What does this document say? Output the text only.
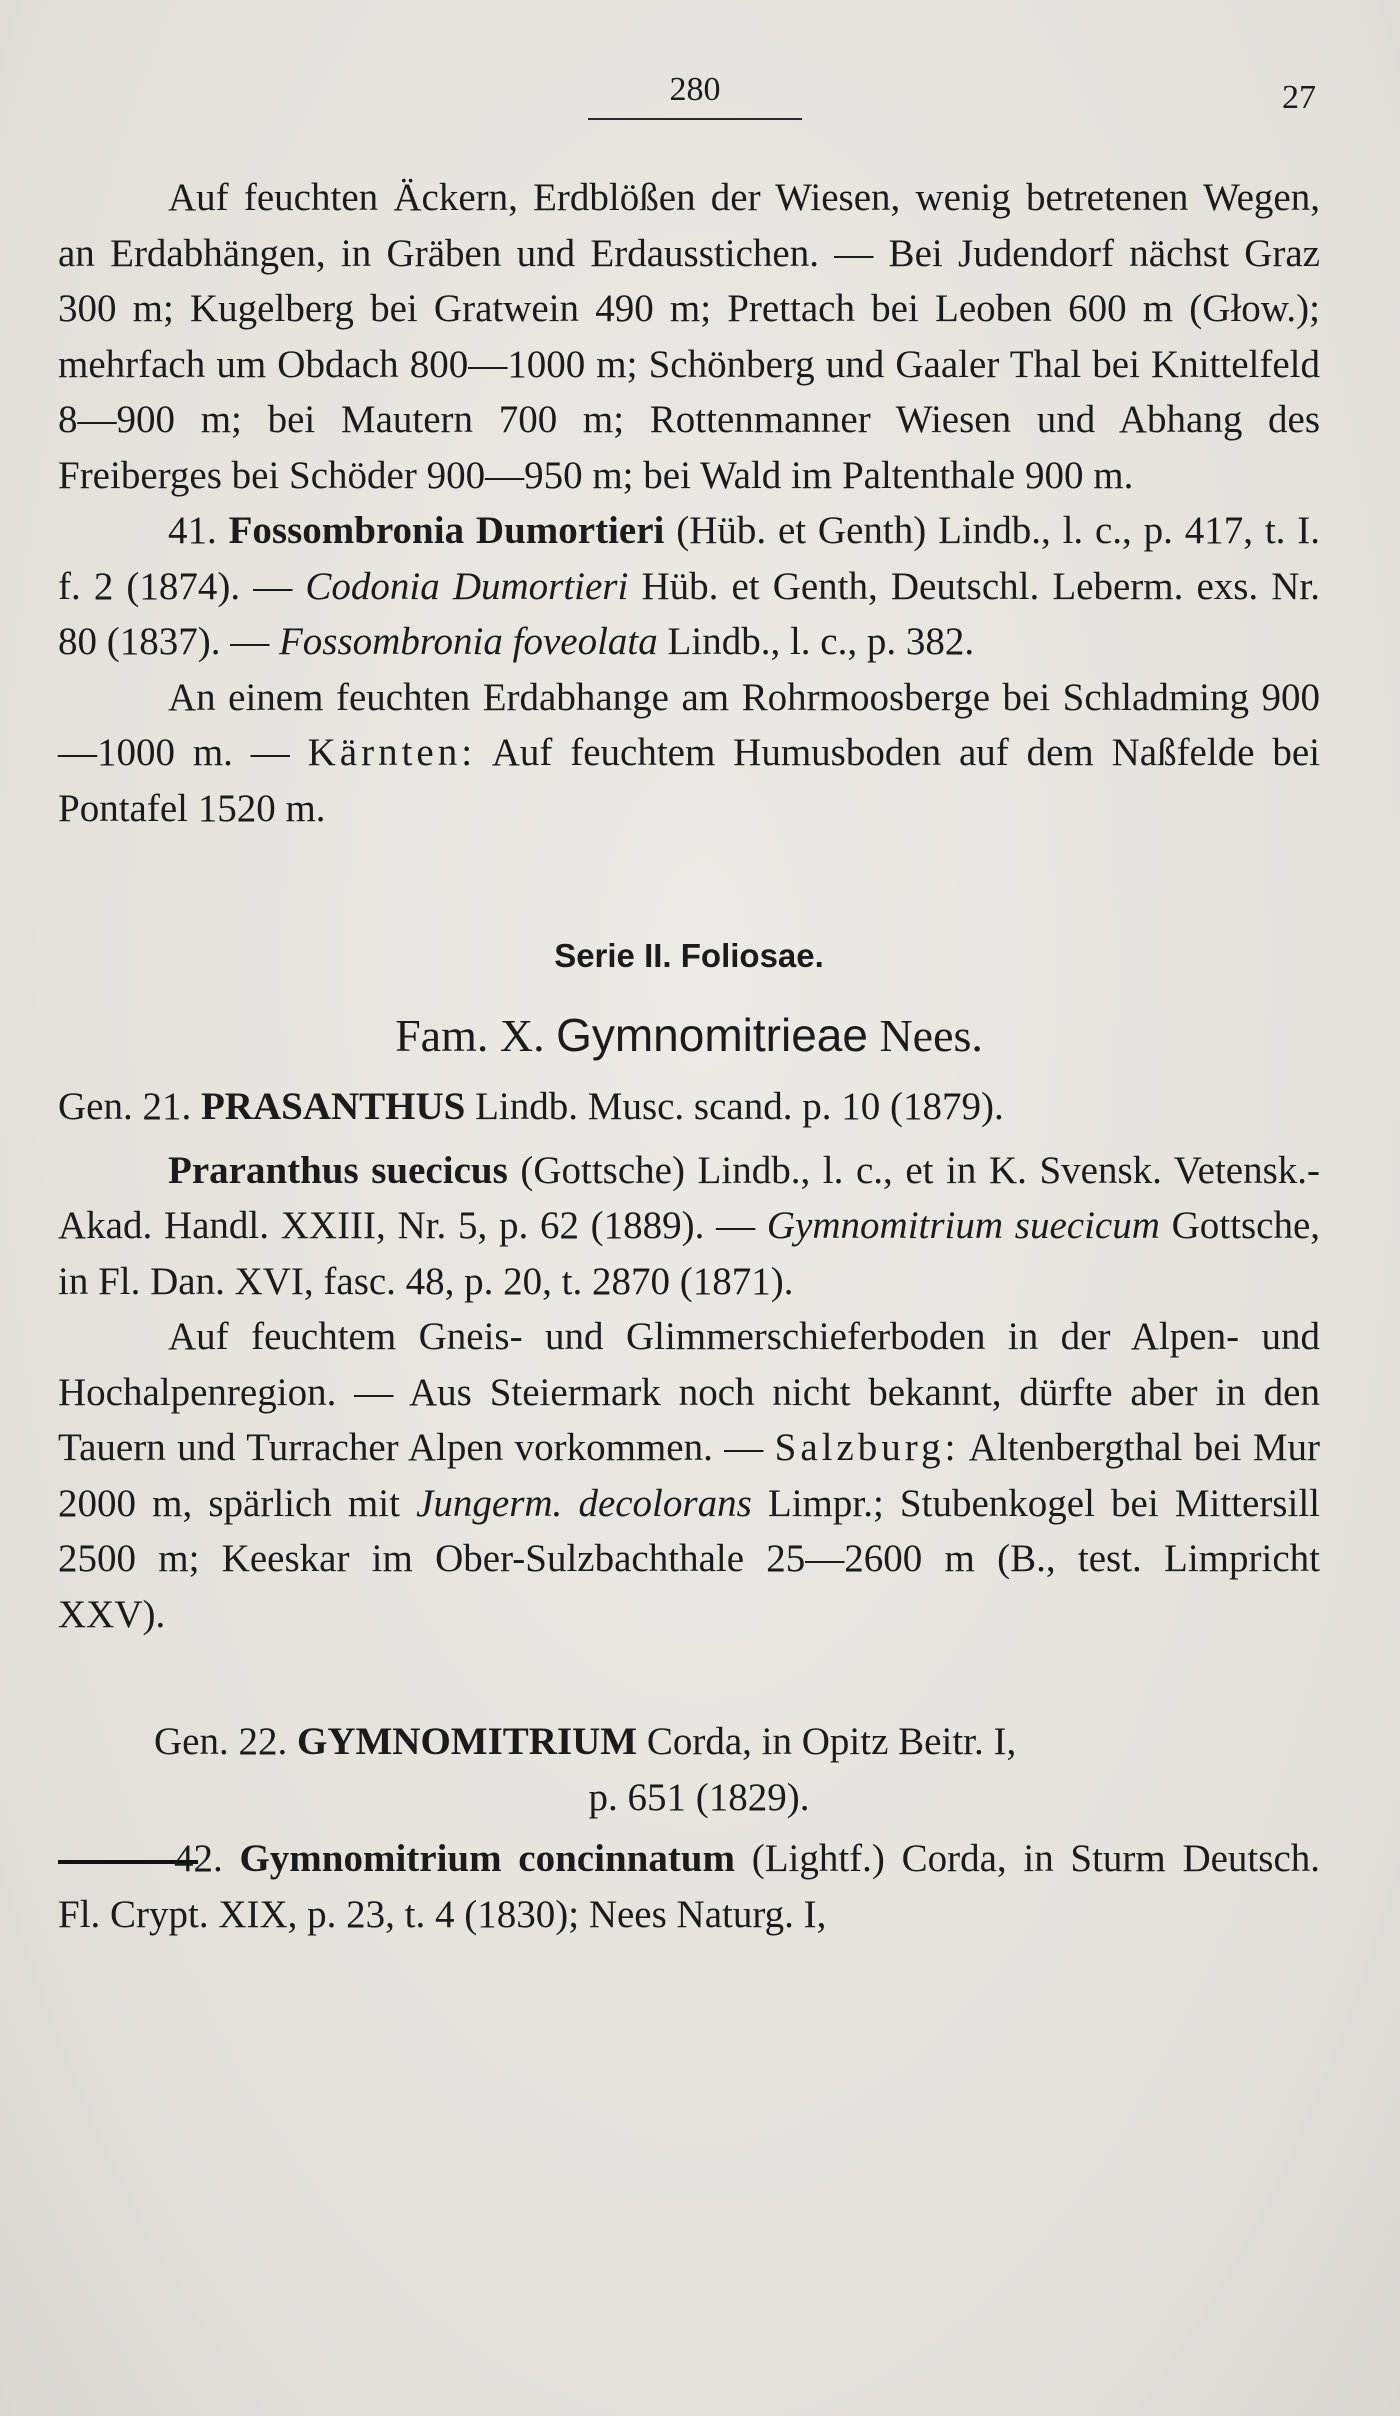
280	27

Auf feuchten Äckern, Erdblößen der Wiesen, wenig betretenen Wegen, an Erdabhängen, in Gräben und Erdausstichen. — Bei Judendorf nächst Graz 300 m; Kugelberg bei Gratwein 490 m; Prettach bei Leoben 600 m (Głow.); mehrfach um Obdach 800—1000 m; Schönberg und Gaaler Thal bei Knittelfeld 8—900 m; bei Mautern 700 m; Rottenmanner Wiesen und Abhang des Freiberges bei Schöder 900—950 m; bei Wald im Paltenthale 900 m.

41. Fossombronia Dumortieri (Hüb. et Genth) Lindb., l. c., p. 417, t. I. f. 2 (1874). — Codonia Dumortieri Hüb. et Genth, Deutschl. Leberm. exs. Nr. 80 (1837). — Fossombronia foveolata Lindb., l. c., p. 382.

An einem feuchten Erdabhange am Rohrmoosberge bei Schladming 900—1000 m. — Kärnten: Auf feuchtem Humusboden auf dem Naßfelde bei Pontafel 1520 m.

Serie II. Foliosae.

Fam. X. Gymnomitrieae Nees.

Gen. 21. PRASANTHUS Lindb. Musc. scand. p. 10 (1879).

Praranthus suecicus (Gottsche) Lindb., l. c., et in K. Svensk. Vetensk.-Akad. Handl. XXIII, Nr. 5, p. 62 (1889). — Gymnomitrium suecicum Gottsche, in Fl. Dan. XVI, fasc. 48, p. 20, t. 2870 (1871).

Auf feuchtem Gneis- und Glimmerschieferboden in der Alpen- und Hochalpenregion. — Aus Steiermark noch nicht bekannt, dürfte aber in den Tauern und Turracher Alpen vorkommen. — Salzburg: Altenbergthal bei Mur 2000 m, spärlich mit Jungerm. decolorans Limpr.; Stubenkogel bei Mittersill 2500 m; Keeskar im Ober-Sulzbachthale 25—2600 m (B., test. Limpricht XXV).

Gen. 22. GYMNOMITRIUM Corda, in Opitz Beitr. I,

p. 651 (1829).

42. Gymnomitrium concinnatum (Lightf.) Corda, in Sturm Deutsch. Fl. Crypt. XIX, p. 23, t. 4 (1830); Nees Naturg. I,
